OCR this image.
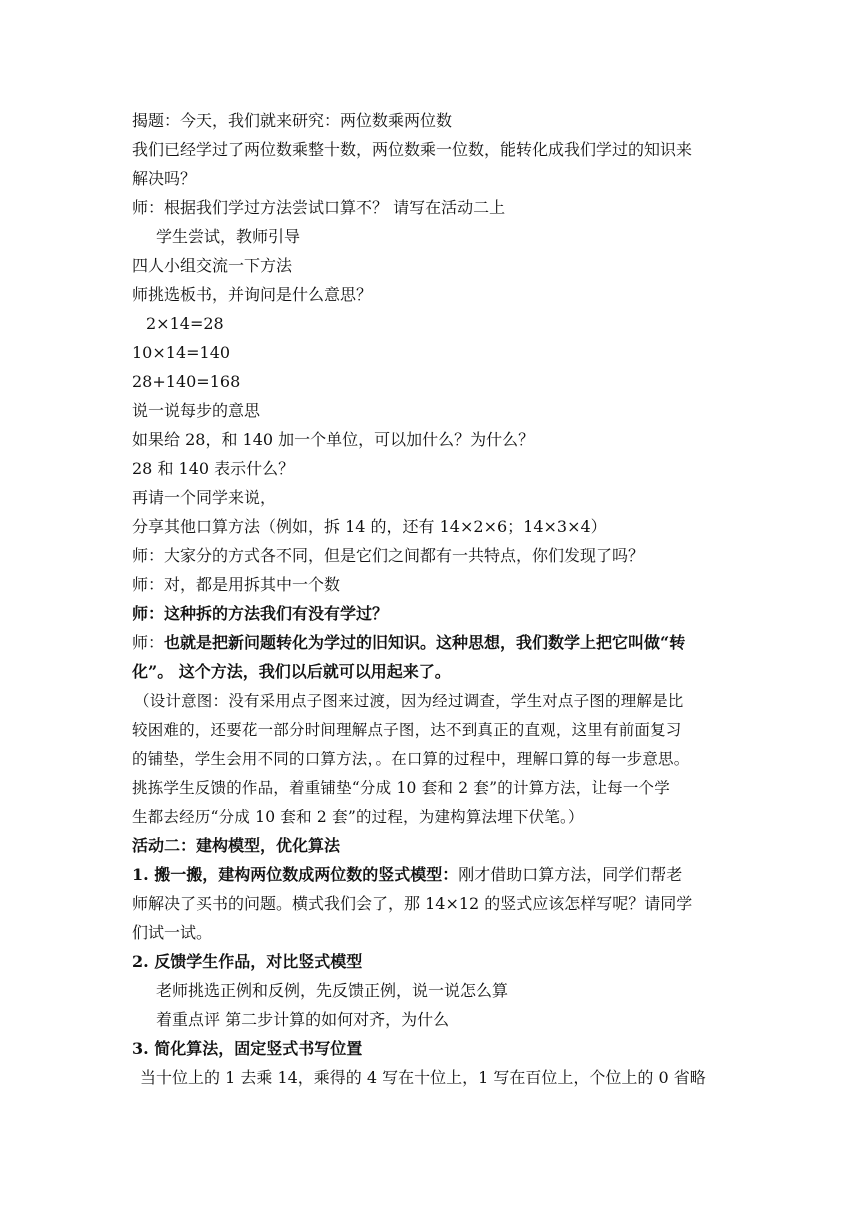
揭题：今天，我们就来研究：两位数乘两位数
我们已经学过了两位数乘整十数，两位数乘一位数，能转化成我们学过的知识来
解决吗？
师：根据我们学过方法尝试口算不？ 请写在活动二上
学生尝试，教师引导
四人小组交流一下方法
师挑选板书，并询问是什么意思？
2×14=28
10×14=140
28+140=168
说一说每步的意思
如果给 28，和 140 加一个单位，可以加什么？为什么？
28 和 140 表示什么？
再请一个同学来说，
分享其他口算方法（例如，拆 14 的，还有 14×2×6；14×3×4）
师：大家分的方式各不同，但是它们之间都有一共特点，你们发现了吗？
师：对，都是用拆其中一个数
师：这种拆的方法我们有没有学过？
师：也就是把新问题转化为学过的旧知识。这种思想，我们数学上把它叫做“转
化”。 这个方法，我们以后就可以用起来了。
（设计意图：没有采用点子图来过渡，因为经过调查，学生对点子图的理解是比
较困难的，还要花一部分时间理解点子图，达不到真正的直观，这里有前面复习
的铺垫，学生会用不同的口算方法，。在口算的过程中，理解口算的每一步意思。
挑拣学生反馈的作品，着重铺垫“分成 10 套和 2 套”的计算方法，让每一个学
生都去经历“分成 10 套和 2 套”的过程，为建构算法埋下伏笔。）
活动二：建构模型，优化算法
1. 搬一搬，建构两位数成两位数的竖式模型：刚才借助口算方法，同学们帮老
师解决了买书的问题。横式我们会了，那 14×12 的竖式应该怎样写呢？请同学
们试一试。
2. 反馈学生作品，对比竖式模型
老师挑选正例和反例，先反馈正例，说一说怎么算
着重点评 第二步计算的如何对齐，为什么
3. 简化算法，固定竖式书写位置
当十位上的 1 去乘 14，乘得的 4 写在十位上，1 写在百位上，个位上的 0 省略
